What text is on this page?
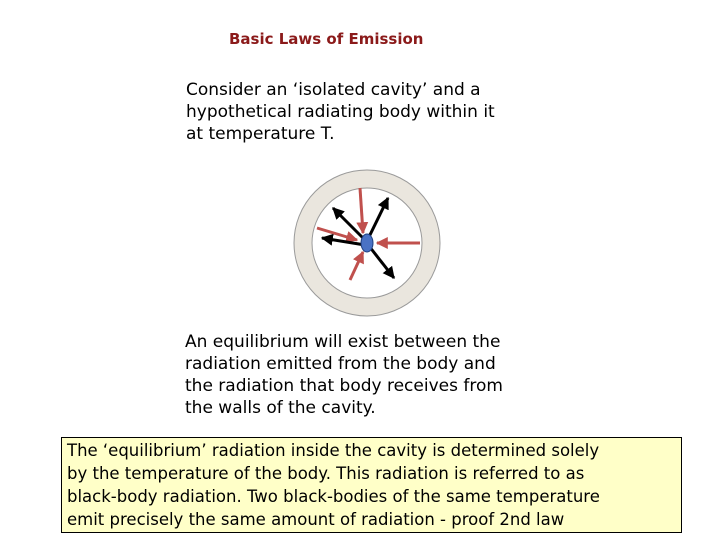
Basic Laws of Emission
Consider an ‘isolated cavity’ and a
hypothetical radiating body within it
at temperature T.
An equilibrium will exist between the
radiation emitted from the body and
the radiation that body receives from
the walls of the cavity.
The ‘equilibrium’ radiation inside the cavity is determined solely
by the temperature of the body. This radiation is referred to as
black-body radiation. Two black-bodies of the same temperature
emit precisely the same amount of radiation - proof 2nd law
